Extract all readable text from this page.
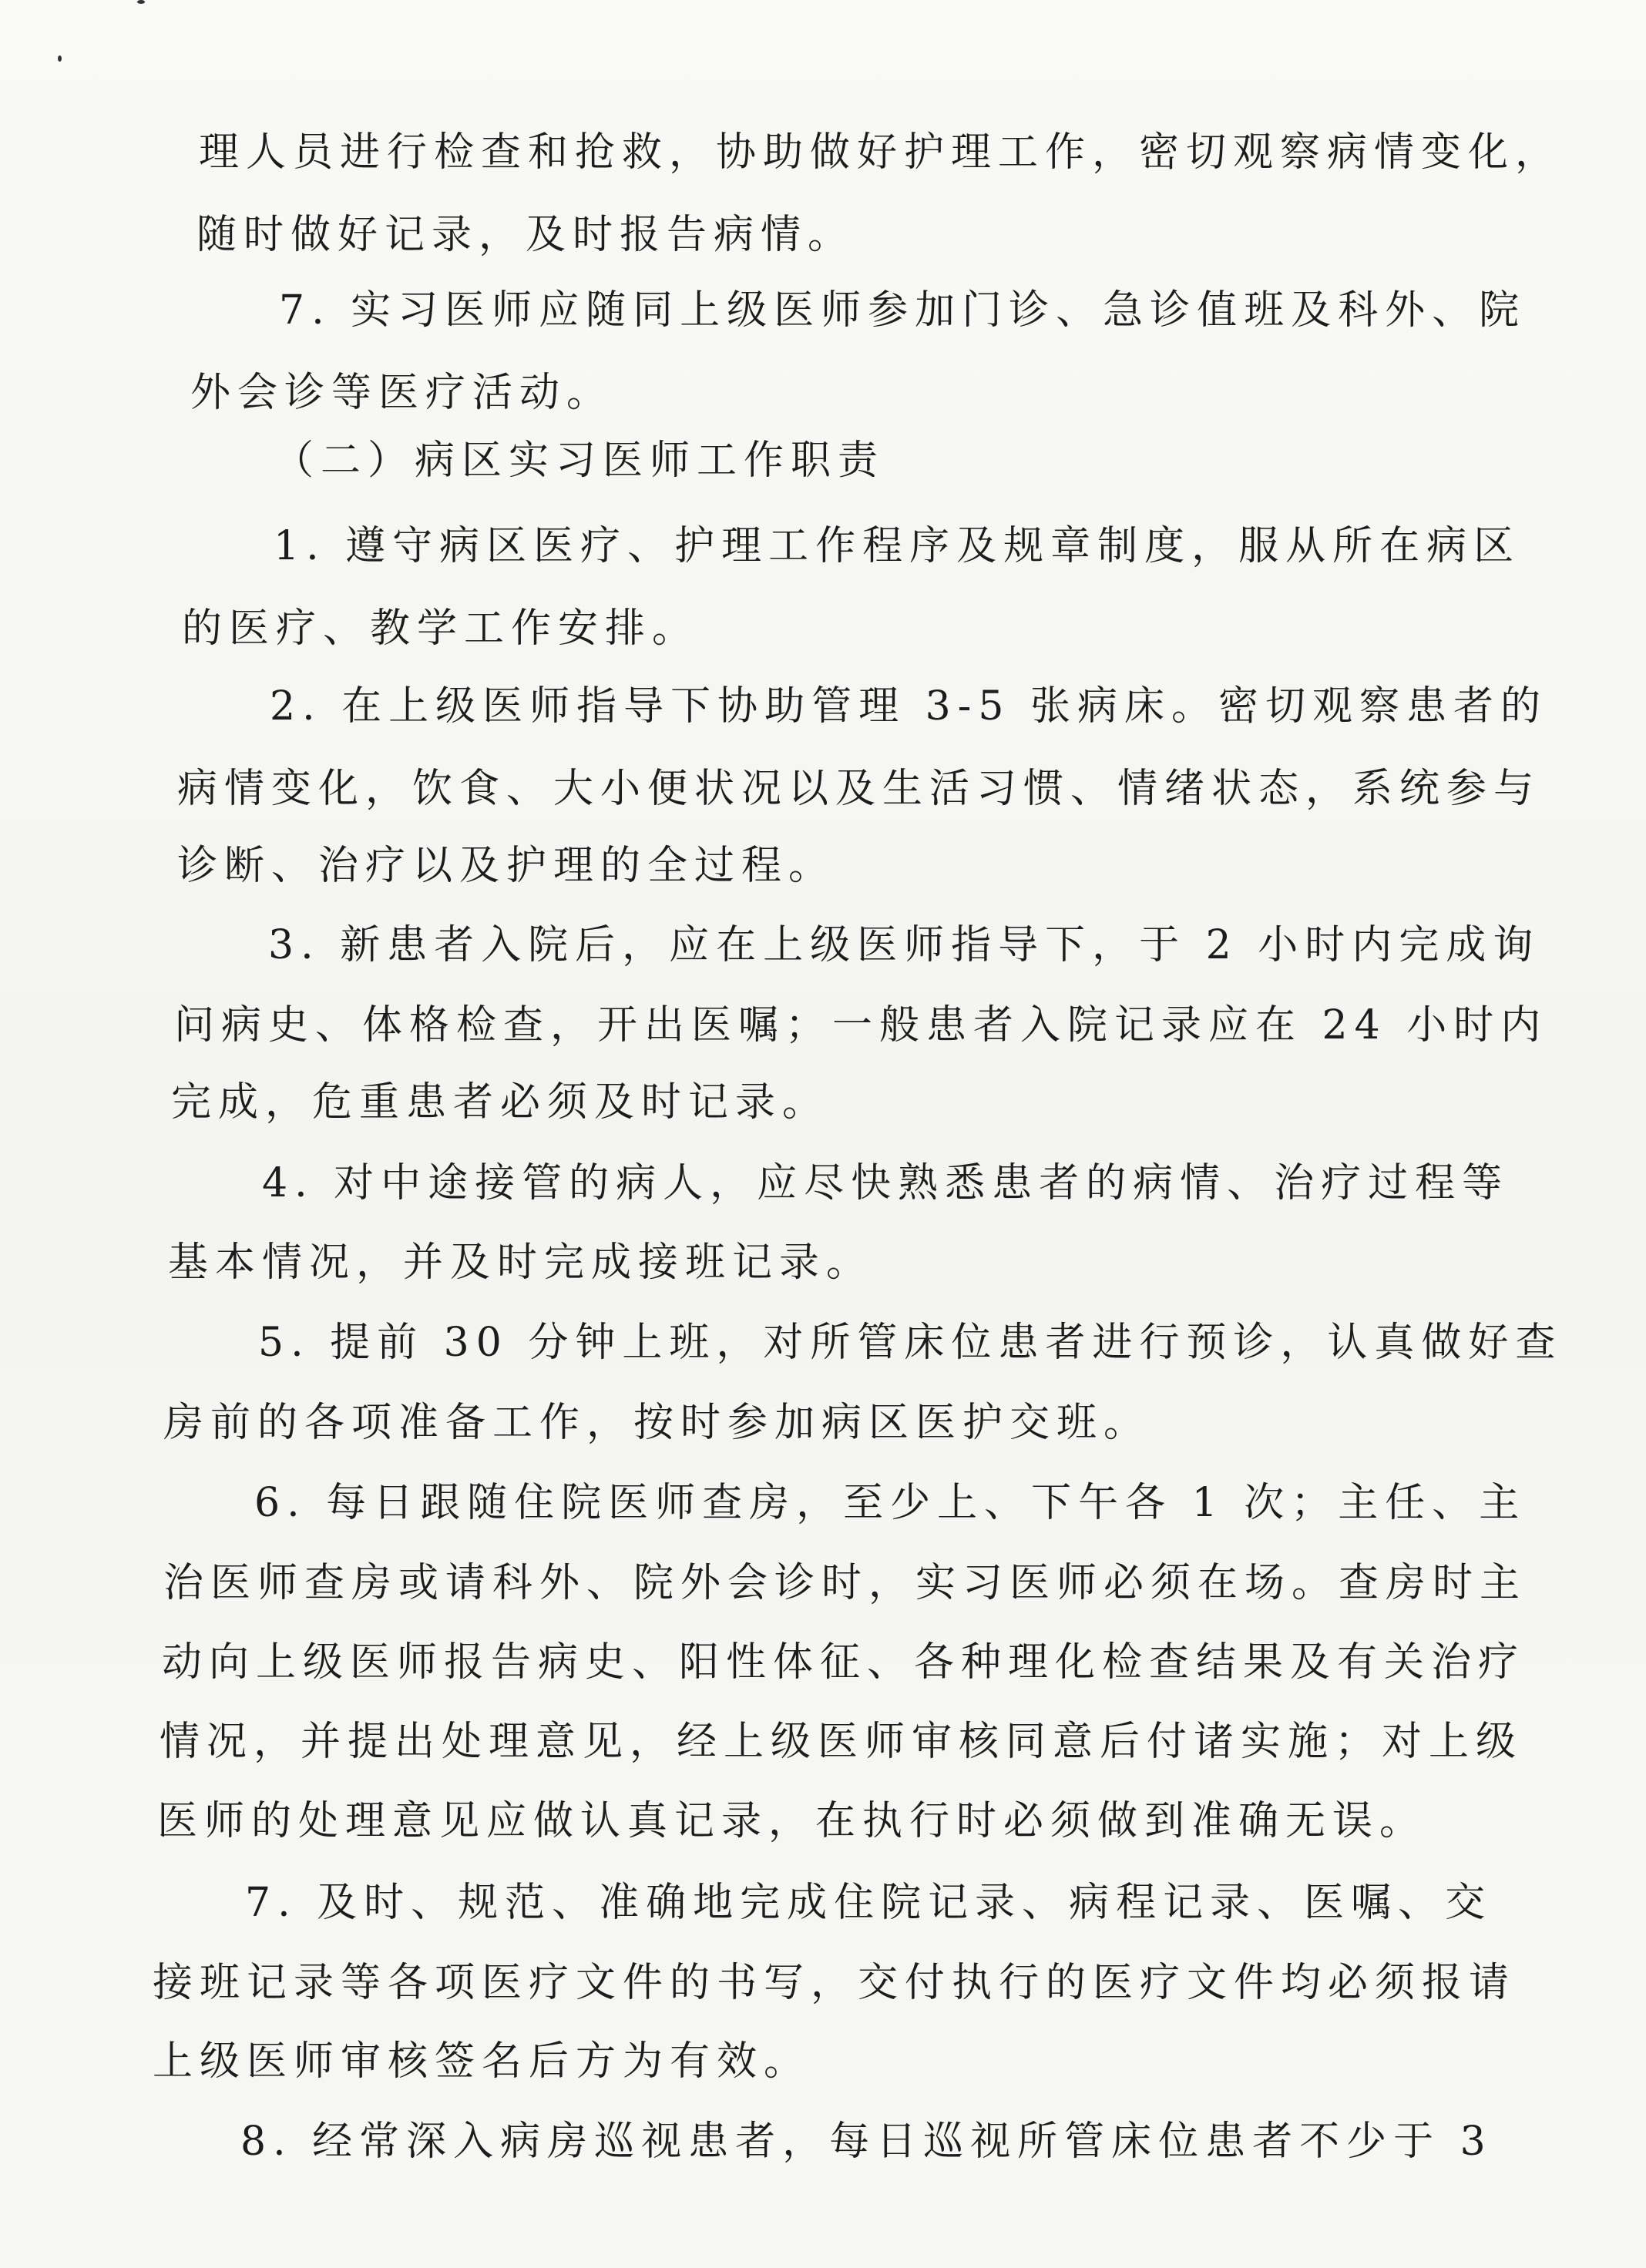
理人员进行检查和抢救，协助做好护理工作，密切观察病情变化，
随时做好记录，及时报告病情。
7. 实习医师应随同上级医师参加门诊、急诊值班及科外、院
外会诊等医疗活动。
（二）病区实习医师工作职责
1. 遵守病区医疗、护理工作程序及规章制度，服从所在病区
的医疗、教学工作安排。
2. 在上级医师指导下协助管理 3-5 张病床。密切观察患者的
病情变化，饮食、大小便状况以及生活习惯、情绪状态，系统参与
诊断、治疗以及护理的全过程。
3. 新患者入院后，应在上级医师指导下，于 2 小时内完成询
问病史、体格检查，开出医嘱；一般患者入院记录应在 24 小时内
完成，危重患者必须及时记录。
4. 对中途接管的病人，应尽快熟悉患者的病情、治疗过程等
基本情况，并及时完成接班记录。
5. 提前 30 分钟上班，对所管床位患者进行预诊，认真做好查
房前的各项准备工作，按时参加病区医护交班。
6. 每日跟随住院医师查房，至少上、下午各 1 次；主任、主
治医师查房或请科外、院外会诊时，实习医师必须在场。查房时主
动向上级医师报告病史、阳性体征、各种理化检查结果及有关治疗
情况，并提出处理意见，经上级医师审核同意后付诸实施；对上级
医师的处理意见应做认真记录，在执行时必须做到准确无误。
7. 及时、规范、准确地完成住院记录、病程记录、医嘱、交
接班记录等各项医疗文件的书写，交付执行的医疗文件均必须报请
上级医师审核签名后方为有效。
8. 经常深入病房巡视患者，每日巡视所管床位患者不少于 3
